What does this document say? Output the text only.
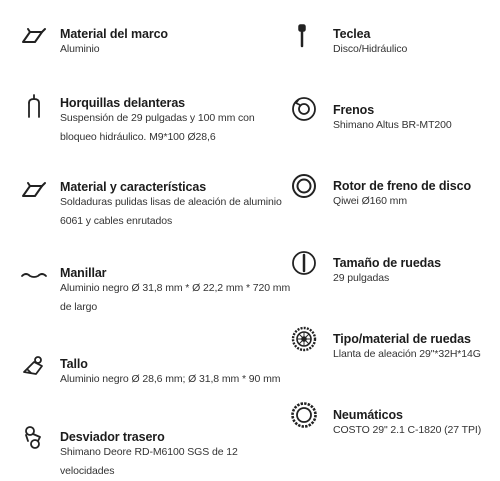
Material del marco
Aluminio
Horquillas delanteras
Suspensión de 29 pulgadas y 100 mm con bloqueo hidráulico. M9*100 Ø28,6
Material y características
Soldaduras pulidas lisas de aleación de aluminio 6061 y cables enrutados
Manillar
Aluminio negro Ø 31,8 mm * Ø 22,2 mm * 720 mm de largo
Tallo
Aluminio negro Ø 28,6 mm; Ø 31,8 mm * 90 mm
Desviador trasero
Shimano Deore RD-M6100 SGS de 12 velocidades
Teclea
Disco/Hidráulico
Frenos
Shimano Altus BR-MT200
Rotor de freno de disco
Qiwei Ø160 mm
Tamaño de ruedas
29 pulgadas
Tipo/material de ruedas
Llanta de aleación 29"*32H*14G
Neumáticos
COSTO 29" 2.1 C-1820 (27 TPI)
